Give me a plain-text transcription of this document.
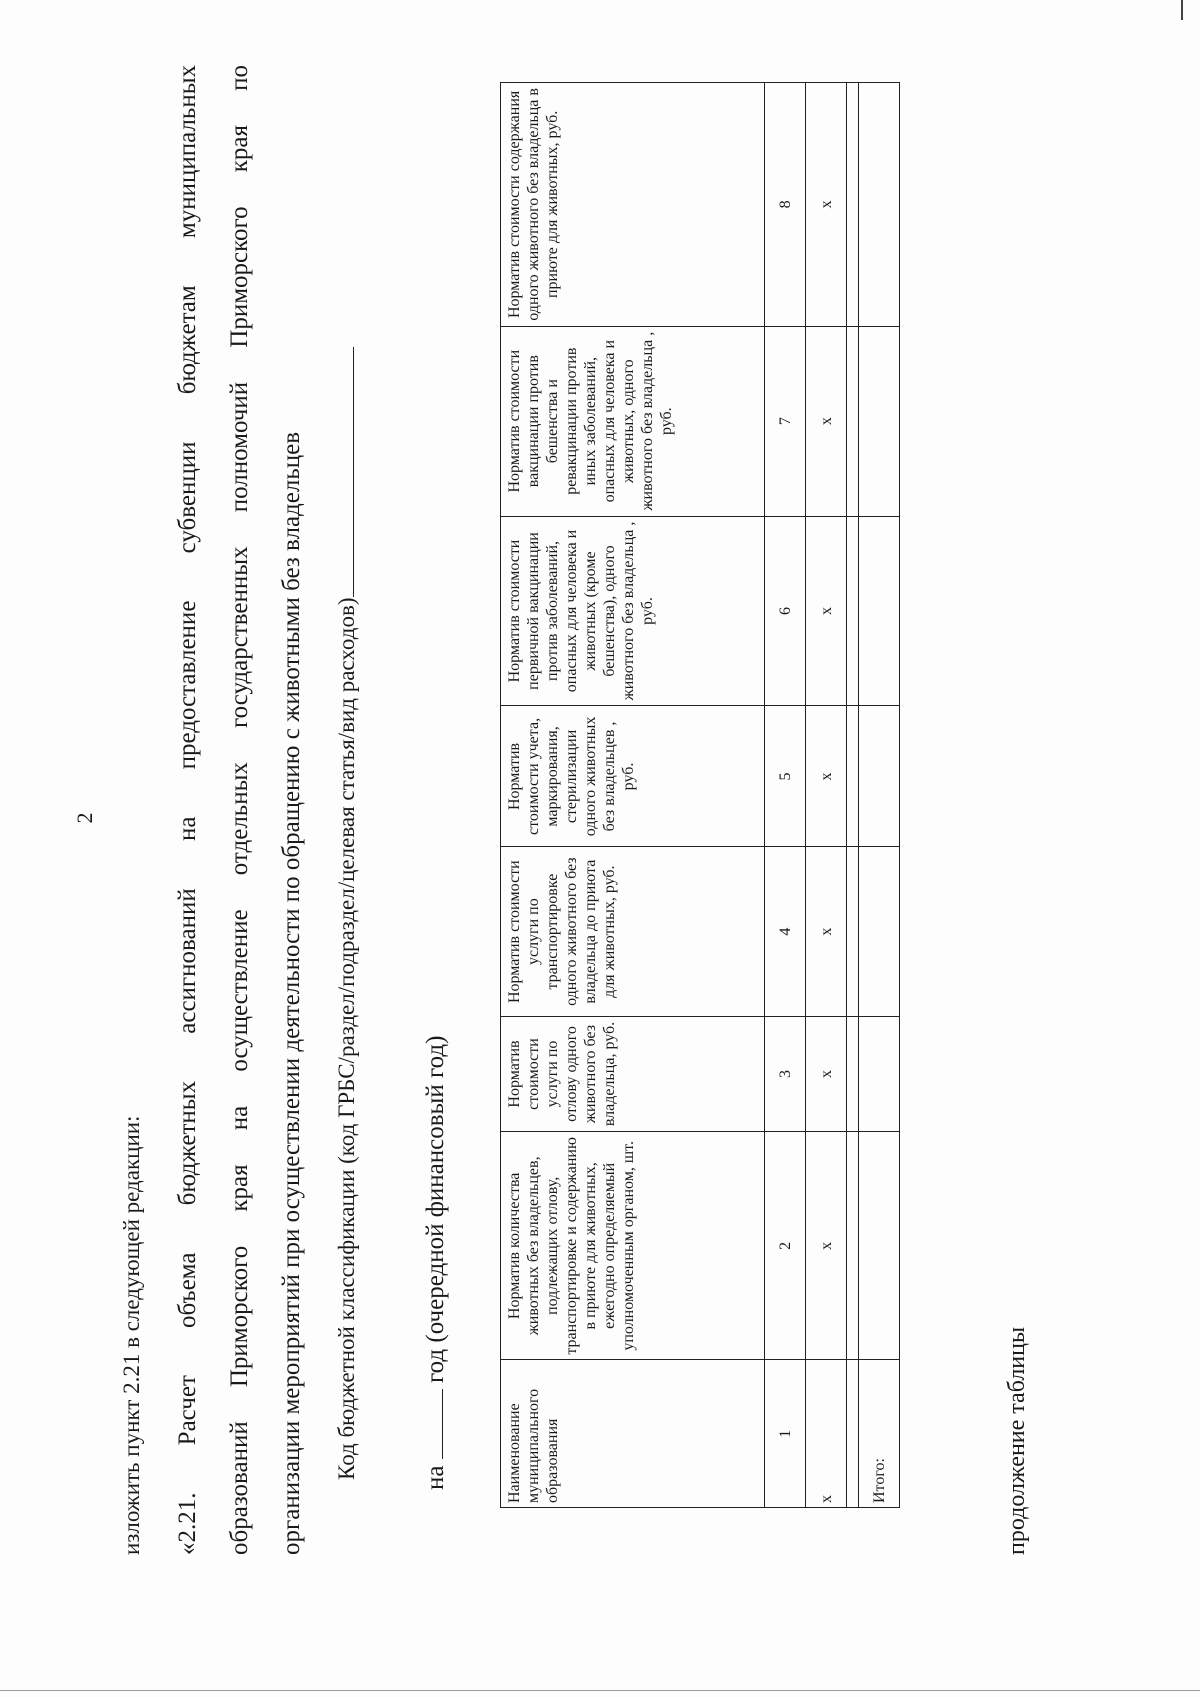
2
изложить пункт 2.21 в следующей редакции:	«2.21. Расчет объема бюджетных ассигнований на предоставление субвенции бюджетам муниципальных	образований Приморского края на осуществление отдельных государственных полномочий Приморского края по	организации мероприятий при осуществлении деятельности по обращению с животными без владельцев	Код бюджетной классификации (код ГРБС/раздел/подраздел/целевая статья/вид расходов)	на  год (очередной финансовый год)
Наименование муниципального образования	Норматив количества животных без владельцев, подлежащих отлову, транспортировке и содержанию в приюте для животных, ежегодно определяемый уполномоченным органом, шт.	Норматив стоимости услуги по отлову одного животного без владельца, руб.	Норматив стоимости услуги по транспортировке одного животного без владельца до приюта для животных, руб.	Норматив стоимости учета, маркирования, стерилизации одного животных без владельцев , руб.	Норматив стоимости первичной вакцинации против заболеваний, опасных для человека и животных (кроме бешенства), одного животного без владельца , руб.	Норматив стоимости вакцинации против бешенства и ревакцинации против иных заболеваний, опасных для человека и животных, одного животного без владельца , руб.	Норматив стоимости содержания одного животного без владельца в приюте для животных, руб.
1	2	3	4	5	6	7	8
х	х	х	х	х	х	х	х

Итого:								продолжение таблицы
